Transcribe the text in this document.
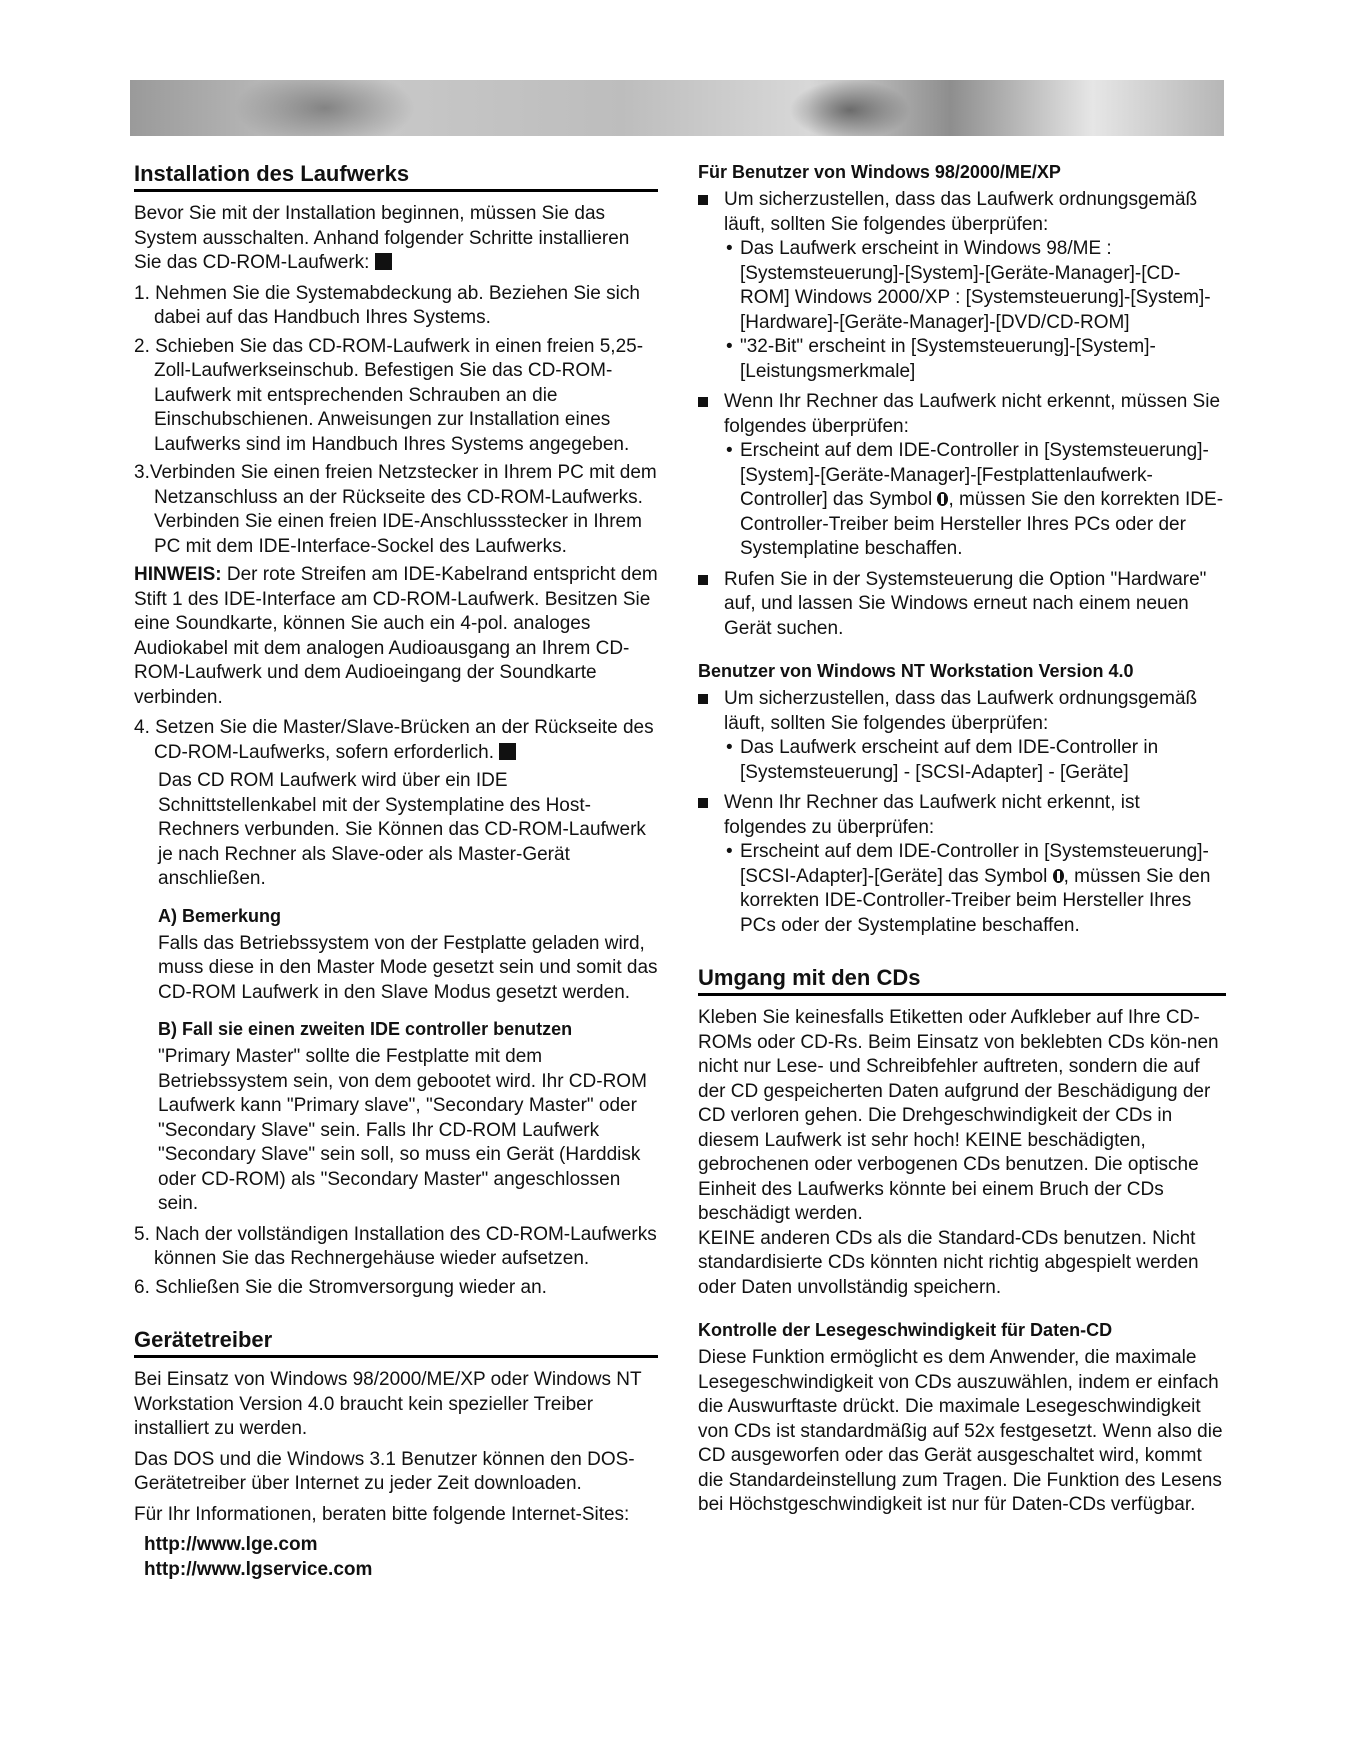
Installation des Laufwerks

Bevor Sie mit der Installation beginnen, müssen Sie das System ausschalten. Anhand folgender Schritte installieren Sie das CD-ROM-Laufwerk:

1. Nehmen Sie die Systemabdeckung ab. Beziehen Sie sich dabei auf das Handbuch Ihres Systems.

2. Schieben Sie das CD-ROM-Laufwerk in einen freien 5,25-Zoll-Laufwerkseinschub. Befestigen Sie das CD-ROM-Laufwerk mit entsprechenden Schrauben an die Einschubschienen. Anweisungen zur Installation eines Laufwerks sind im Handbuch Ihres Systems angegeben.

3.Verbinden Sie einen freien Netzstecker in Ihrem PC mit dem Netzanschluss an der Rückseite des CD-ROM-Laufwerks. Verbinden Sie einen freien IDE-Anschlussstecker in Ihrem PC mit dem IDE-Interface-Sockel des Laufwerks.

HINWEIS: Der rote Streifen am IDE-Kabelrand entspricht dem Stift 1 des IDE-Interface am CD-ROM-Laufwerk. Besitzen Sie eine Soundkarte, können Sie auch ein 4-pol. analoges Audiokabel mit dem analogen Audioausgang an Ihrem CD-ROM-Laufwerk und dem Audioeingang der Soundkarte verbinden.

4. Setzen Sie die Master/Slave-Brücken an der Rückseite des CD-ROM-Laufwerks, sofern erforderlich.

Das CD ROM Laufwerk wird über ein IDE Schnittstellenkabel mit der Systemplatine des Host-Rechners verbunden. Sie Können das CD-ROM-Laufwerk je nach Rechner als Slave-oder als Master-Gerät anschließen.

A) Bemerkung

Falls das Betriebssystem von der Festplatte geladen wird, muss diese in den Master Mode gesetzt sein und somit das CD-ROM Laufwerk in den Slave Modus gesetzt werden.

B) Fall sie einen zweiten IDE controller benutzen

"Primary Master" sollte die Festplatte mit dem Betriebssystem sein, von dem gebootet wird. Ihr CD-ROM Laufwerk kann "Primary slave", "Secondary Master" oder "Secondary Slave" sein. Falls Ihr CD-ROM Laufwerk "Secondary Slave" sein soll, so muss ein Gerät (Harddisk oder CD-ROM) als "Secondary Master" angeschlossen sein.

5. Nach der vollständigen Installation des CD-ROM-Laufwerks können Sie das Rechnergehäuse wieder aufsetzen.

6. Schließen Sie die Stromversorgung wieder an.

Gerätetreiber

Bei Einsatz von Windows 98/2000/ME/XP oder Windows NT Workstation Version 4.0 braucht kein spezieller Treiber installiert zu werden.

Das DOS und die Windows 3.1 Benutzer können den DOS-Gerätetreiber über Internet zu jeder Zeit downloaden.

Für Ihr Informationen, beraten bitte folgende Internet-Sites:

http://www.lge.com
http://www.lgservice.com
Für Benutzer von Windows 98/2000/ME/XP
Um sicherzustellen, dass das Laufwerk ordnungsgemäß läuft, sollten Sie folgendes überprüfen:
• Das Laufwerk erscheint in Windows 98/ME : [Systemsteuerung]-[System]-[Geräte-Manager]-[CD-ROM] Windows 2000/XP : [Systemsteuerung]-[System]-[Hardware]-[Geräte-Manager]-[DVD/CD-ROM]
• "32-Bit" erscheint in [Systemsteuerung]-[System]-[Leistungsmerkmale]
Wenn Ihr Rechner das Laufwerk nicht erkennt, müssen Sie folgendes überprüfen:
• Erscheint auf dem IDE-Controller in [Systemsteuerung]-[System]-[Geräte-Manager]-[Festplattenlaufwerk-Controller] das Symbol , müssen Sie den korrekten IDE-Controller-Treiber beim Hersteller Ihres PCs oder der Systemplatine beschaffen.
Rufen Sie in der Systemsteuerung die Option "Hardware" auf, und lassen Sie Windows erneut nach einem neuen Gerät suchen.
Benutzer von Windows NT Workstation Version 4.0
Um sicherzustellen, dass das Laufwerk ordnungsgemäß läuft, sollten Sie folgendes überprüfen:
• Das Laufwerk erscheint auf dem IDE-Controller in [Systemsteuerung] - [SCSI-Adapter] - [Geräte]
Wenn Ihr Rechner das Laufwerk nicht erkennt, ist folgendes zu überprüfen:
• Erscheint auf dem IDE-Controller in [Systemsteuerung]-[SCSI-Adapter]-[Geräte] das Symbol , müssen Sie den korrekten IDE-Controller-Treiber beim Hersteller Ihres PCs oder der Systemplatine beschaffen.
Umgang mit den CDs

Kleben Sie keinesfalls Etiketten oder Aufkleber auf Ihre CD-ROMs oder CD-Rs. Beim Einsatz von beklebten CDs kön-nen nicht nur Lese- und Schreibfehler auftreten, sondern die auf der CD gespeicherten Daten aufgrund der Beschädigung der CD verloren gehen. Die Drehgeschwindigkeit der CDs in diesem Laufwerk ist sehr hoch! KEINE beschädigten, gebrochenen oder verbogenen CDs benutzen. Die optische Einheit des Laufwerks könnte bei einem Bruch der CDs beschädigt werden.

KEINE anderen CDs als die Standard-CDs benutzen. Nicht standardisierte CDs könnten nicht richtig abgespielt werden oder Daten unvollständig speichern.

Kontrolle der Lesegeschwindigkeit für Daten-CD

Diese Funktion ermöglicht es dem Anwender, die maximale Lesegeschwindigkeit von CDs auszuwählen, indem er einfach die Auswurftaste drückt. Die maximale Lesegeschwindigkeit von CDs ist standardmäßig auf 52x festgesetzt. Wenn also die CD ausgeworfen oder das Gerät ausgeschaltet wird, kommt die Standardeinstellung zum Tragen. Die Funktion des Lesens bei Höchstgeschwindigkeit ist nur für Daten-CDs verfügbar.
